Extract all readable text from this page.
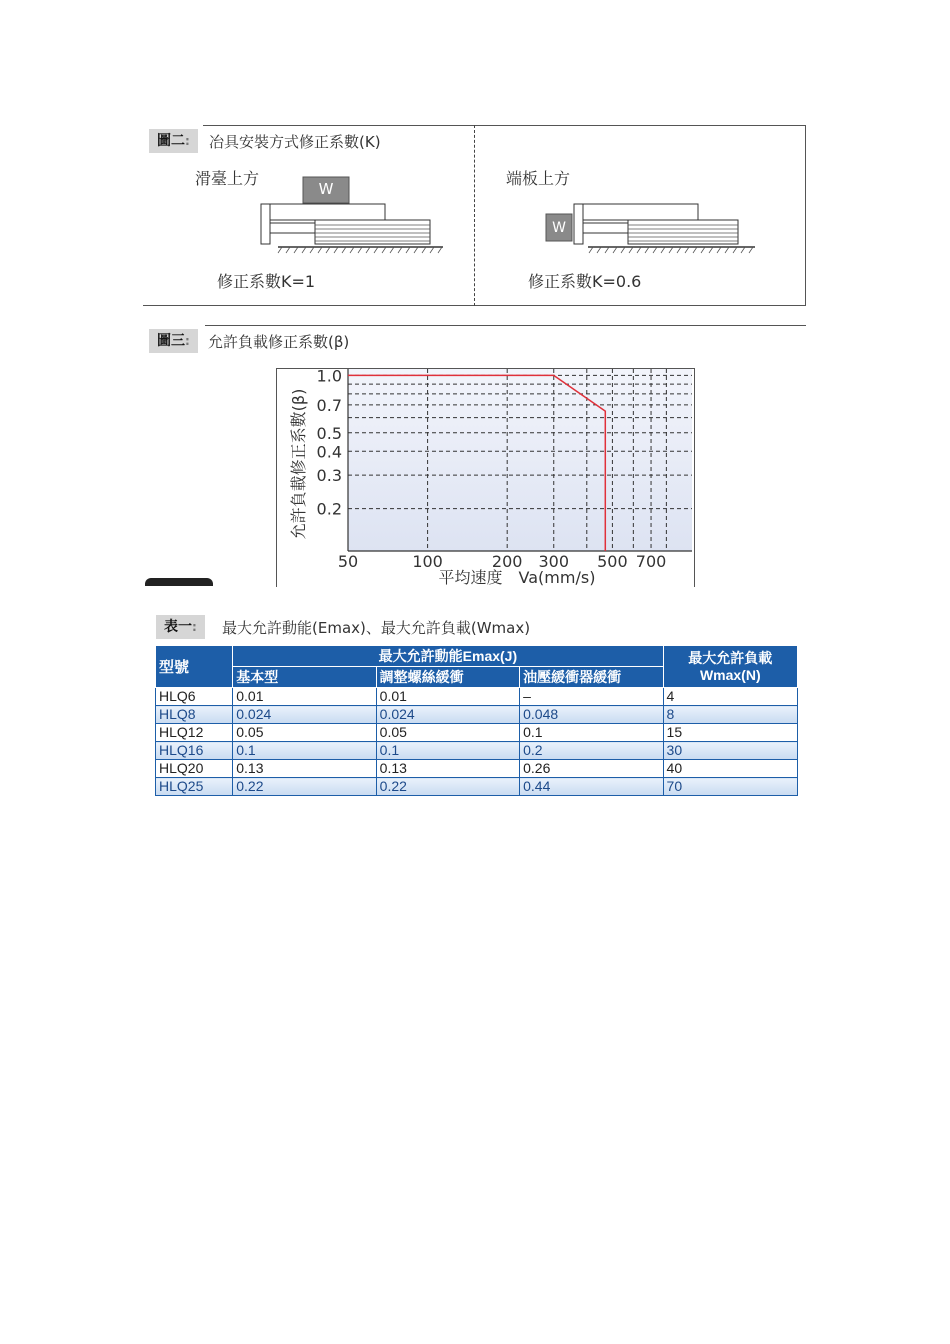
圖二:	冶具安裝方式修正系數(K)
滑臺上方	端板上方
W
W
修正系數K=1	修正系數K=0.6
圖三:	允許負載修正系數(β)
1.0
0.7
0.5
0.4
0.3
0.2
50	100	200 300 500 700
允許負載修正系數(β)
平均速度　Va(mm/s)
表一:	最大允許動能(Emax)、最大允許負載(Wmax)
型號	最大允許動能Emax(J)			最大允許負載
Wmax(N)
	基本型	調整螺絲緩衝	油壓緩衝器緩衝	
HLQ6	0.01	0.01	–	4
HLQ8	0.024	0.024	0.048	8
HLQ12	0.05	0.05	0.1	15
HLQ16	0.1	0.1	0.2	30
HLQ20	0.13	0.13	0.26	40
HLQ25	0.22	0.22	0.44	70
